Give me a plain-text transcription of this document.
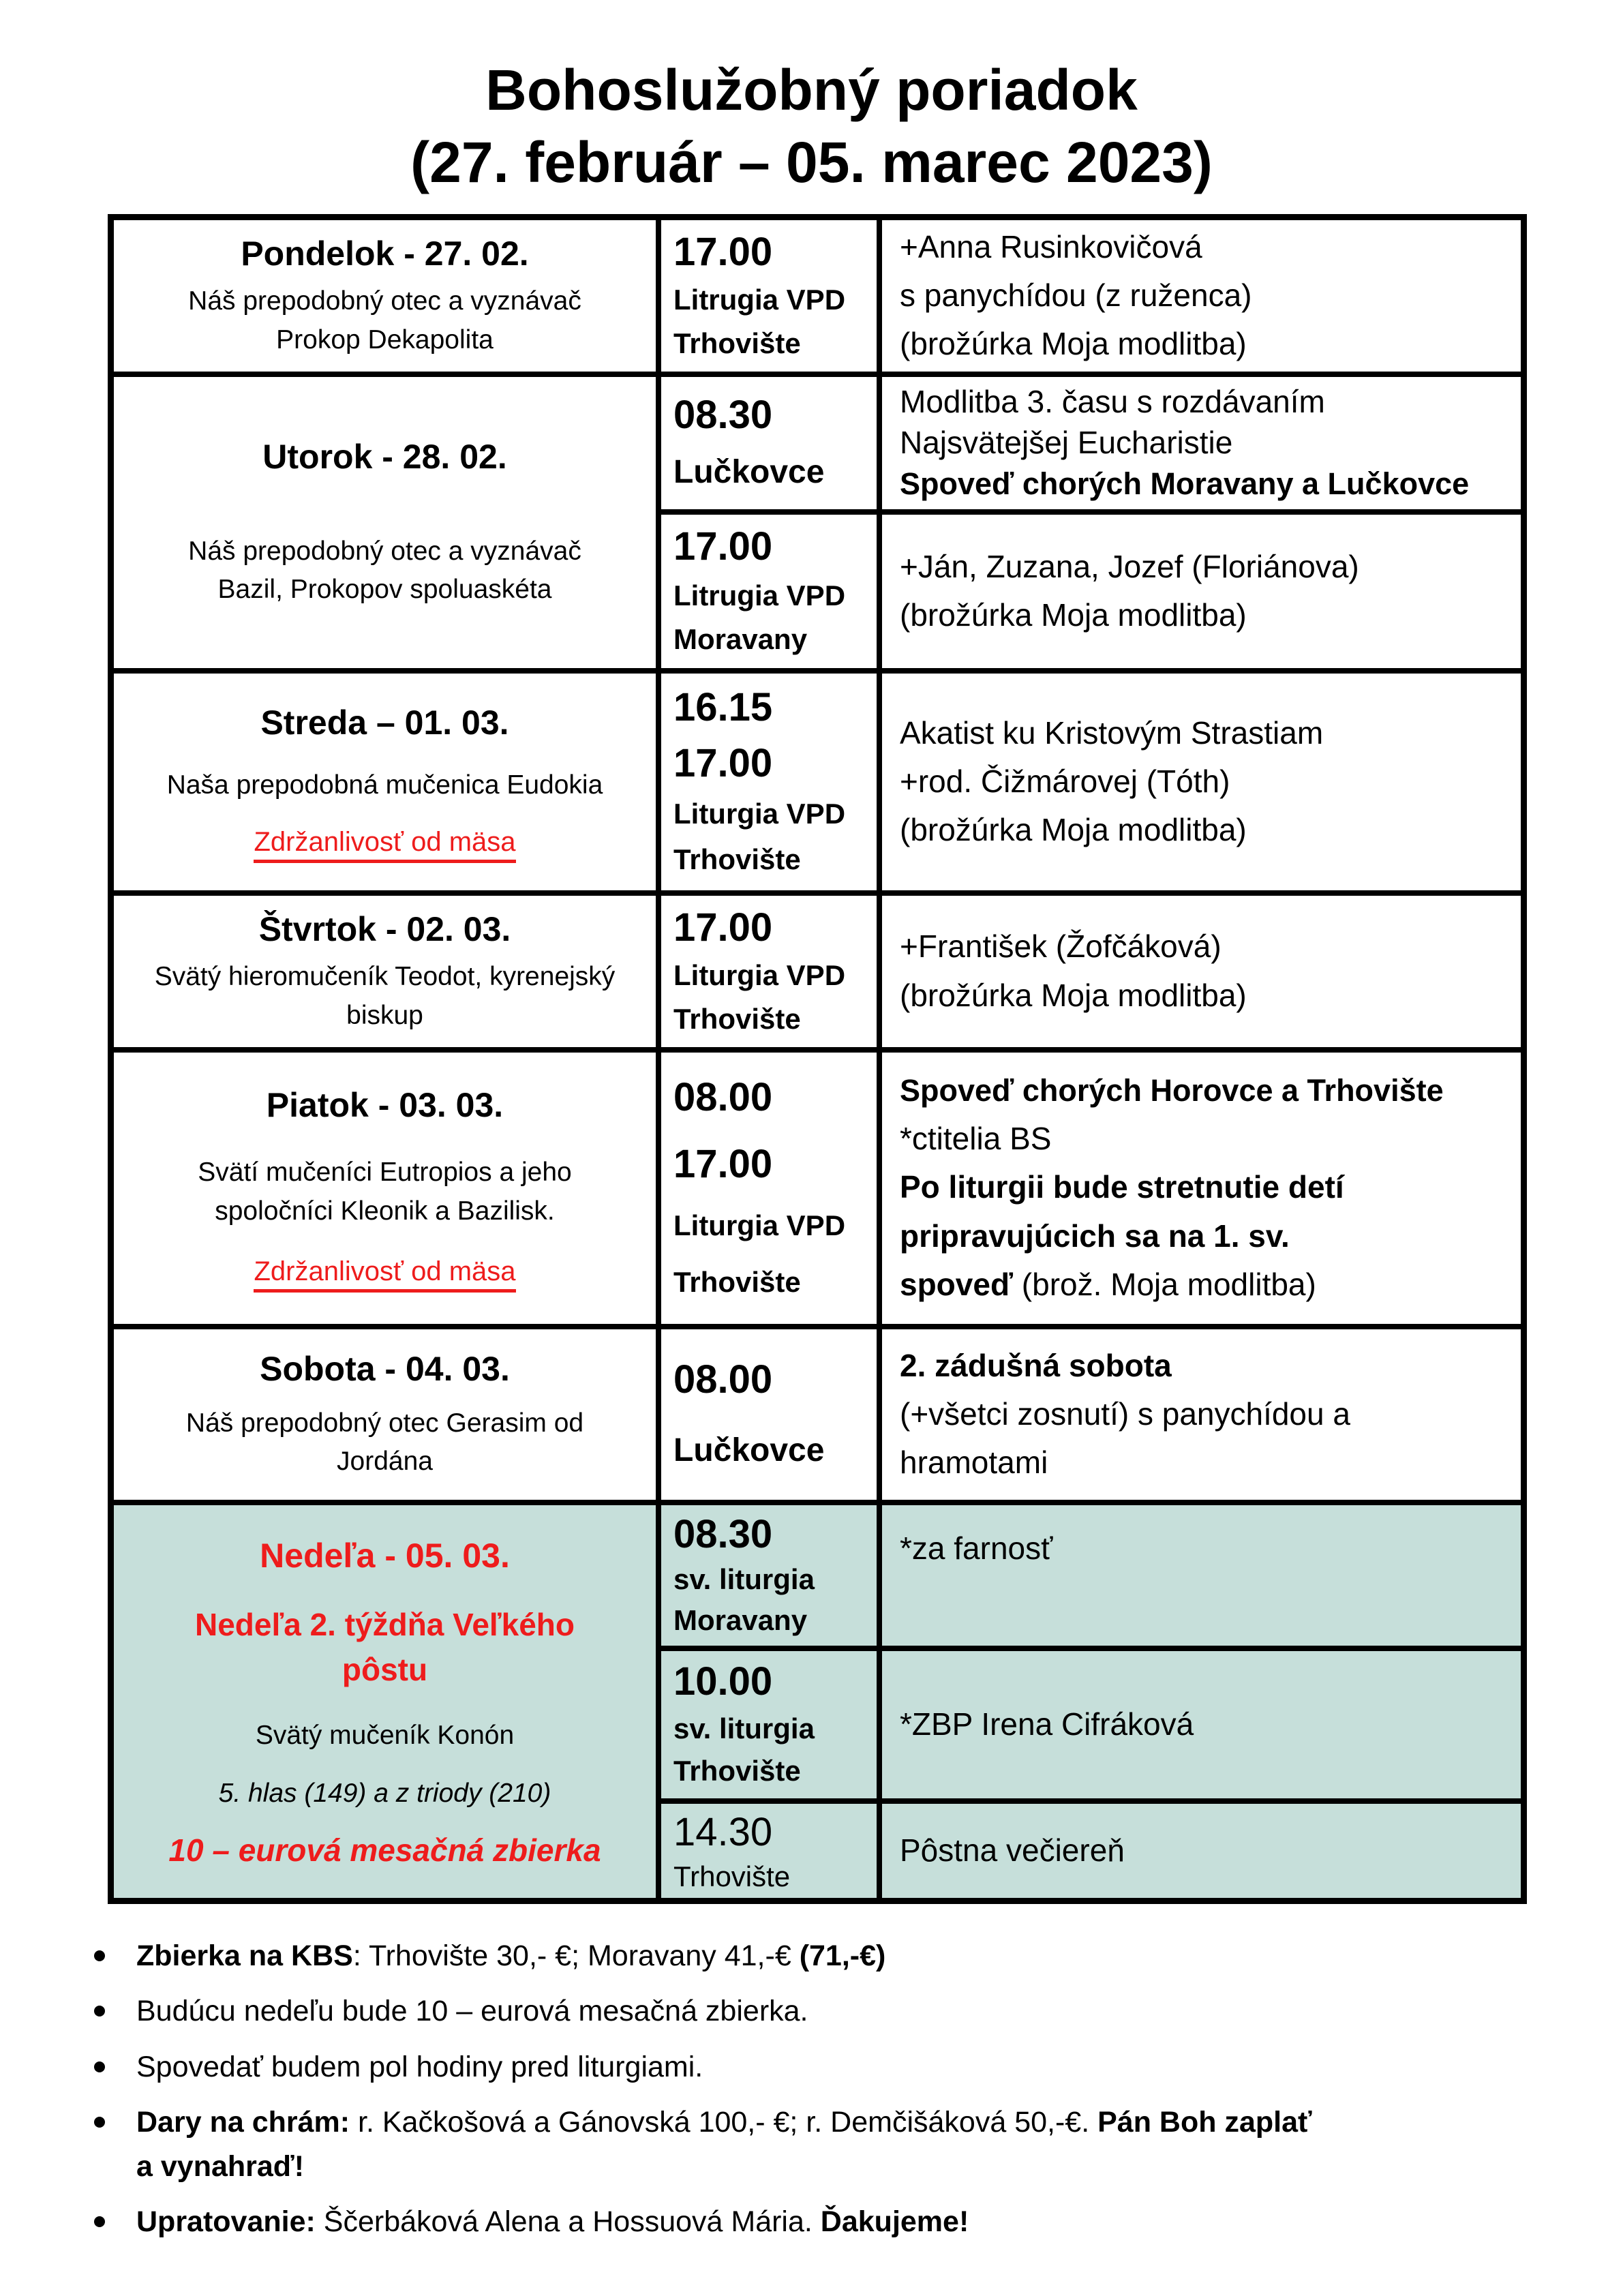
Bohoslužobný poriadok
(27. február – 05. marec 2023)
Pondelok - 27. 02.
Náš prepodobný otec a vyznávač
Prokop Dekapolita
17.00
Litrugia VPD
Trhovište
+Anna Rusinkovičová
s panychídou (z ruženca)
(brožúrka Moja modlitba)
Utorok - 28. 02.
Náš prepodobný otec a vyznávač
Bazil, Prokopov spoluaskéta
08.30
Lučkovce
Modlitba 3. času s rozdávaním
Najsvätejšej Eucharistie
Spoveď chorých Moravany a Lučkovce
17.00
Litrugia VPD
Moravany
+Ján, Zuzana, Jozef (Floriánova)
(brožúrka Moja modlitba)
Streda – 01. 03.
Naša prepodobná mučenica Eudokia
Zdržanlivosť od mäsa
16.15
17.00
Liturgia VPD
Trhovište
Akatist ku Kristovým Strastiam
+rod. Čižmárovej (Tóth)
(brožúrka Moja modlitba)
Štvrtok - 02. 03.
Svätý hieromučeník Teodot, kyrenejský
biskup
17.00
Liturgia VPD
Trhovište
+František (Žofčáková)
(brožúrka Moja modlitba)
Piatok - 03. 03.
Svätí mučeníci Eutropios a jeho
spoločníci Kleonik a Bazilisk.
Zdržanlivosť od mäsa
08.00
17.00
Liturgia VPD
Trhovište
Spoveď chorých Horovce a Trhovište
*ctitelia BS
Po liturgii bude stretnutie detí
pripravujúcich sa na 1. sv.
spoveď (brož. Moja modlitba)
Sobota - 04. 03.
Náš prepodobný otec Gerasim od
Jordána
08.00
Lučkovce
2. zádušná sobota
(+všetci zosnutí) s panychídou a
hramotami
Nedeľa - 05. 03.
Nedeľa 2. týždňa Veľkého
pôstu
Svätý mučeník Konón
5. hlas (149) a z triody (210)
10 – eurová mesačná zbierka
08.30
sv. liturgia
Moravany
*za farnosť
10.00
sv. liturgia
Trhovište
*ZBP Irena Cifráková
14.30
Trhovište
Pôstna večiereň
Zbierka na KBS: Trhovište 30,- €; Moravany 41,-€ (71,-€)
Budúcu nedeľu bude 10 – eurová mesačná zbierka.
Spovedať budem pol hodiny pred liturgiami.
Dary na chrám: r. Kačkošová a Gánovská 100,- €; r. Demčišáková 50,-€. Pán Boh zaplať
a vynahraď!
Upratovanie: Ščerbáková Alena a Hossuová Mária. Ďakujeme!
